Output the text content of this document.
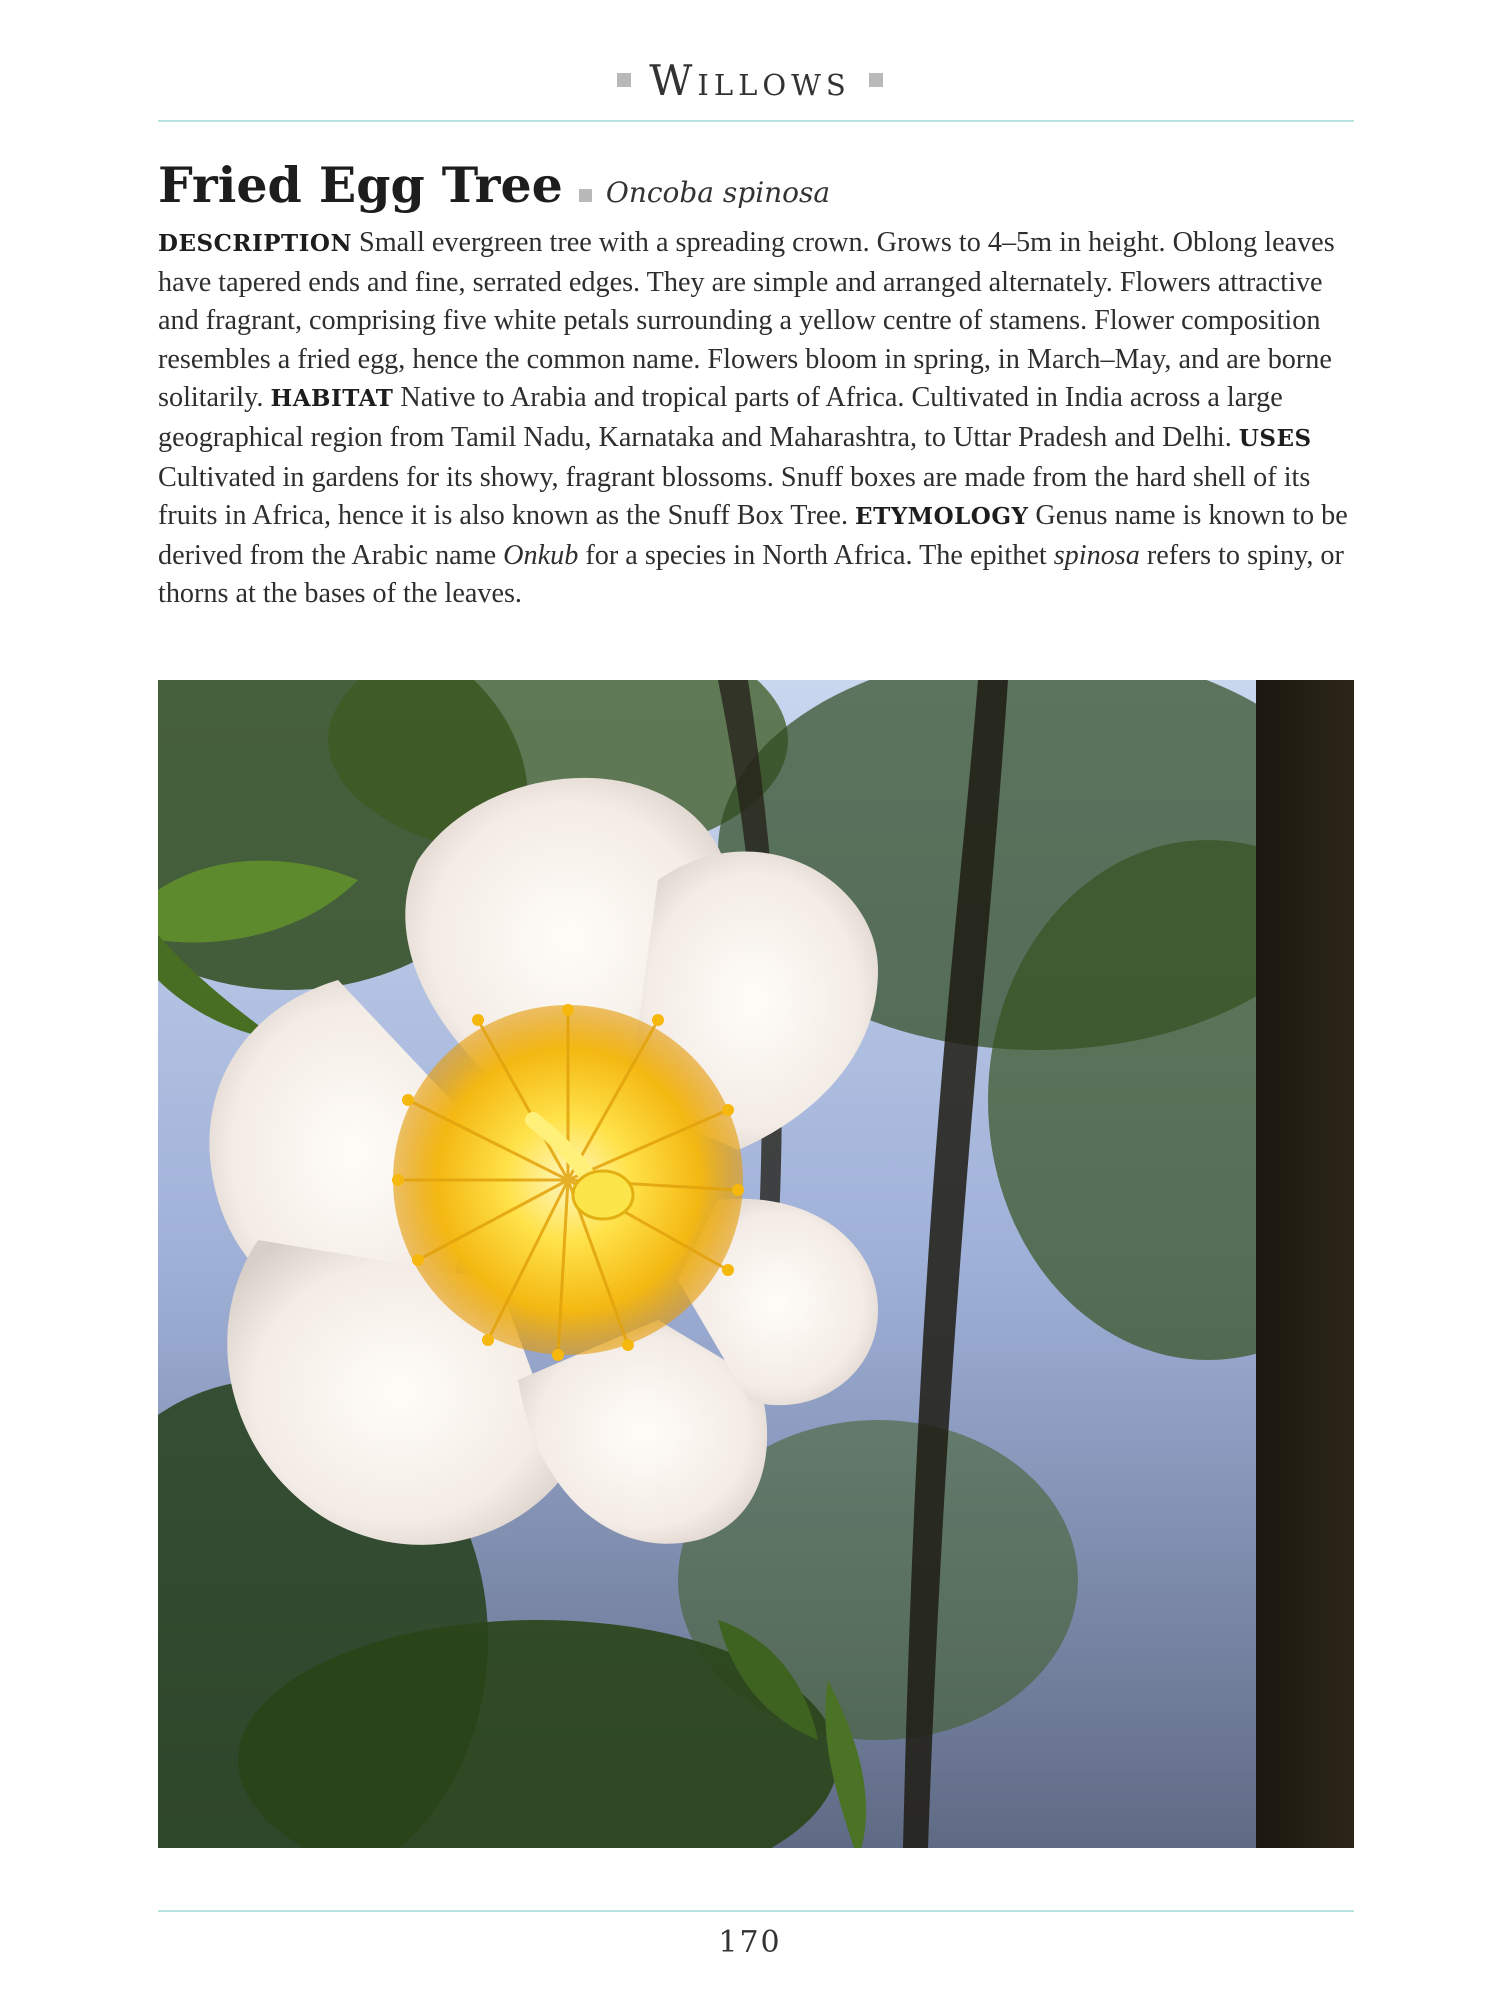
Willows
Fried Egg Tree Oncoba spinosa

DESCRIPTION Small evergreen tree with a spreading crown. Grows to 4–5m in height. Oblong leaves have tapered ends and fine, serrated edges. They are simple and arranged alternately. Flowers attractive and fragrant, comprising five white petals surrounding a yellow centre of stamens. Flower composition resembles a fried egg, hence the common name. Flowers bloom in spring, in March–May, and are borne solitarily. HABITAT Native to Arabia and tropical parts of Africa. Cultivated in India across a large geographical region from Tamil Nadu, Karnataka and Maharashtra, to Uttar Pradesh and Delhi. USES Cultivated in gardens for its showy, fragrant blossoms. Snuff boxes are made from the hard shell of its fruits in Africa, hence it is also known as the Snuff Box Tree. ETYMOLOGY Genus name is known to be derived from the Arabic name Onkub for a species in North Africa. The epithet spinosa refers to spiny, or thorns at the bases of the leaves.

170
